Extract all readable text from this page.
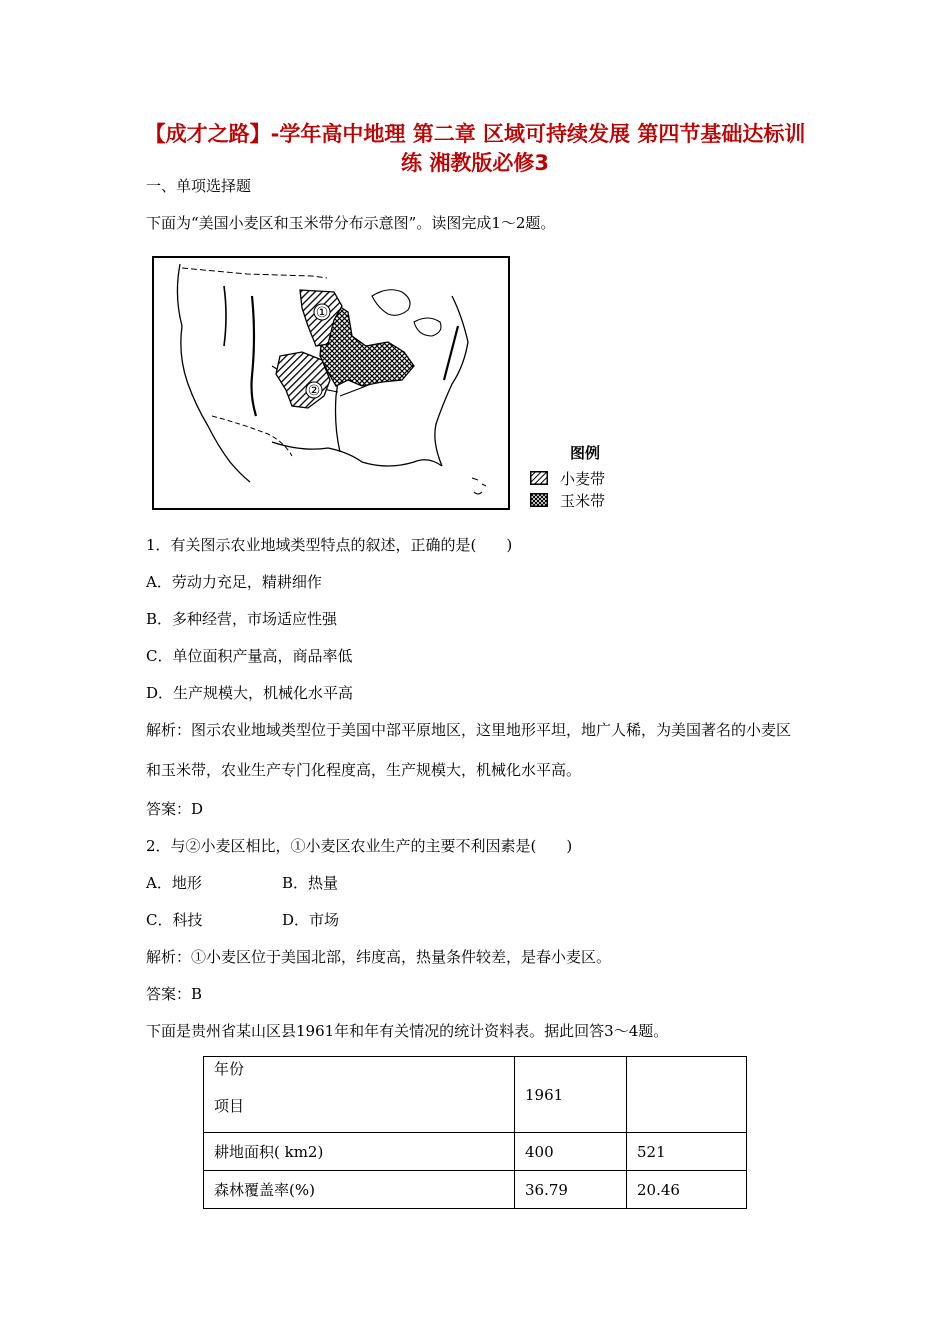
【成才之路】-学年高中地理 第二章 区域可持续发展 第四节基础达标训
练 湘教版必修3
一、单项选择题
下面为“美国小麦区和玉米带分布示意图”。读图完成1～2题。
①
②
图例
小麦带
玉米带
1．有关图示农业地域类型特点的叙述，正确的是(　　)
A．劳动力充足，精耕细作
B．多种经营，市场适应性强
C．单位面积产量高，商品率低
D．生产规模大，机械化水平高
解析：图示农业地域类型位于美国中部平原地区，这里地形平坦，地广人稀，为美国著名的小麦区
和玉米带，农业生产专门化程度高，生产规模大，机械化水平高。
答案：D
2．与②小麦区相比，①小麦区农业生产的主要不利因素是(　　)
A．地形	B．热量
C．科技	D．市场
解析：①小麦区位于美国北部，纬度高，热量条件较差，是春小麦区。
答案：B
下面是贵州省某山区县1961年和年有关情况的统计资料表。据此回答3～4题。
年份
项目	1961	
耕地面积( km2)	400	521
森林覆盖率(%)	36.79	20.46
